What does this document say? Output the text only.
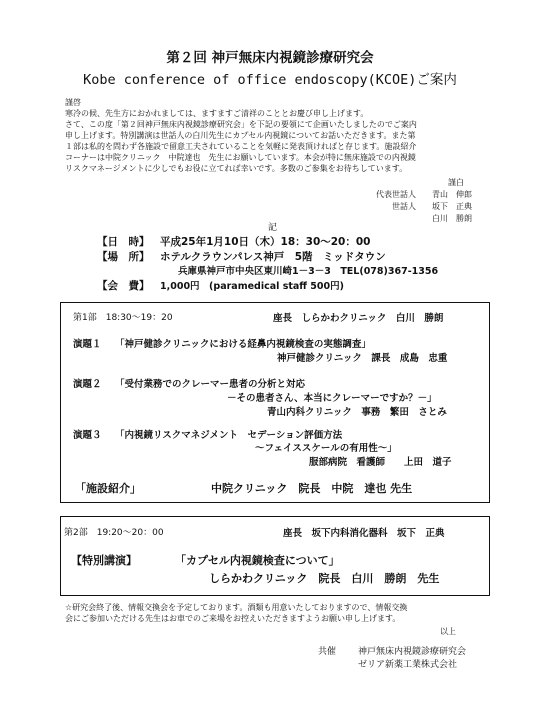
第２回 神戸無床内視鏡診療研究会
Kobe conference of office endoscopy(KCOE)ご案内
謹啓
寒冷の候、先生方におかれましては、ますますご清祥のこととお慶び申し上げます。
さて、この度「第２回神戸無床内視鏡診療研究会」を下記の要領にて企画いたしましたのでご案内
申し上げます。特別講演は世話人の白川先生にカプセル内視鏡についてお話いただきます。また第
１部は私的を問わず各施設で留意工夫されていることを気軽に発表頂ければと存じます。施設紹介
コーナーは中院クリニック　中院達也　先生にお願いしています。本会が特に無床施設での内視鏡
リスクマネージメントに少しでもお役に立てれば幸いです。多数のご参集をお待ちしています。
謹白
代表世話人 青山　伸郎
世話人 坂下　正典
白川　勝朗
記
【日　時】 平成25年1月10日（木）18：30～20：00
【場　所】 ホテルクラウンパレス神戸　5階　ミッドタウン
兵庫県神戸市中央区東川崎1－3－3　TEL(078)367-1356
【会　費】 1,000円　(paramedical staff 500円)
第1部　18:30～19：20	座長　しらかわクリニック　白川　勝朗
演題１ 「神戸健診クリニックにおける経鼻内視鏡検査の実態調査」
神戸健診クリニック　課長　成島　忠重
演題２ 「受付業務でのクレーマー患者の分析と対応
－その患者さん、本当にクレーマーですか？－」
青山内科クリニック　事務　繁田　さとみ
演題３ 「内視鏡リスクマネジメント　セデーション評価方法
～フェイススケールの有用性～」
服部病院　看護師　　上田　道子
「施設紹介」	中院クリニック　院長　中院　達也 先生
第2部　19:20～20：00	座長　坂下内科消化器科　坂下　正典
【特別講演】	「カプセル内視鏡検査について」
しらかわクリニック　院長　白川　勝朗　先生
☆研究会終了後、情報交換会を予定しております。酒類も用意いたしておりますので、情報交換
会にご参加いただける先生はお車でのご来場をお控えいただきますようお願い申し上げます。
以上
共催 神戸無床内視鏡診療研究会
ゼリア新薬工業株式会社
